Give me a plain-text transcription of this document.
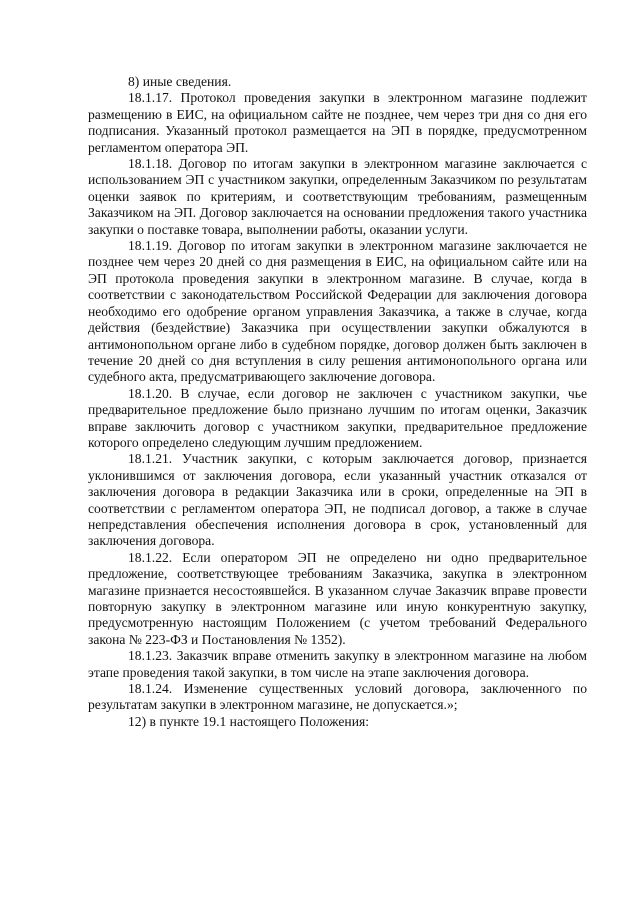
8) иные сведения.

18.1.17. Протокол проведения закупки в электронном магазине подлежит размещению в ЕИС, на официальном сайте не позднее, чем через три дня со дня его подписания. Указанный протокол размещается на ЭП в порядке, предусмотренном регламентом оператора ЭП.

18.1.18. Договор по итогам закупки в электронном магазине заключается с использованием ЭП с участником закупки, определенным Заказчиком по результатам оценки заявок по критериям, и соответствующим требованиям, размещенным Заказчиком на ЭП. Договор заключается на основании предложения такого участника закупки о поставке товара, выполнении работы, оказании услуги.

18.1.19. Договор по итогам закупки в электронном магазине заключается не позднее чем через 20 дней со дня размещения в ЕИС, на официальном сайте или на ЭП протокола проведения закупки в электронном магазине. В случае, когда в соответствии с законодательством Российской Федерации для заключения договора необходимо его одобрение органом управления Заказчика, а также в случае, когда действия (бездействие) Заказчика при осуществлении закупки обжалуются в антимонопольном органе либо в судебном порядке, договор должен быть заключен в течение 20 дней со дня вступления в силу решения антимонопольного органа или судебного акта, предусматривающего заключение договора.

18.1.20. В случае, если договор не заключен с участником закупки, чье предварительное предложение было признано лучшим по итогам оценки, Заказчик вправе заключить договор с участником закупки, предварительное предложение которого определено следующим лучшим предложением.

18.1.21. Участник закупки, с которым заключается договор, признается уклонившимся от заключения договора, если указанный участник отказался от заключения договора в редакции Заказчика или в сроки, определенные на ЭП в соответствии с регламентом оператора ЭП, не подписал договор, а также в случае непредставления обеспечения исполнения договора в срок, установленный для заключения договора.

18.1.22. Если оператором ЭП не определено ни одно предварительное предложение, соответствующее требованиям Заказчика, закупка в электронном магазине признается несостоявшейся. В указанном случае Заказчик вправе провести повторную закупку в электронном магазине или иную конкурентную закупку, предусмотренную настоящим Положением (с учетом требований Федерального закона № 223-ФЗ и Постановления № 1352).

18.1.23. Заказчик вправе отменить закупку в электронном магазине на любом этапе проведения такой закупки, в том числе на этапе заключения договора.

18.1.24. Изменение существенных условий договора, заключенного по результатам закупки в электронном магазине, не допускается.»;

12) в пункте 19.1 настоящего Положения:
